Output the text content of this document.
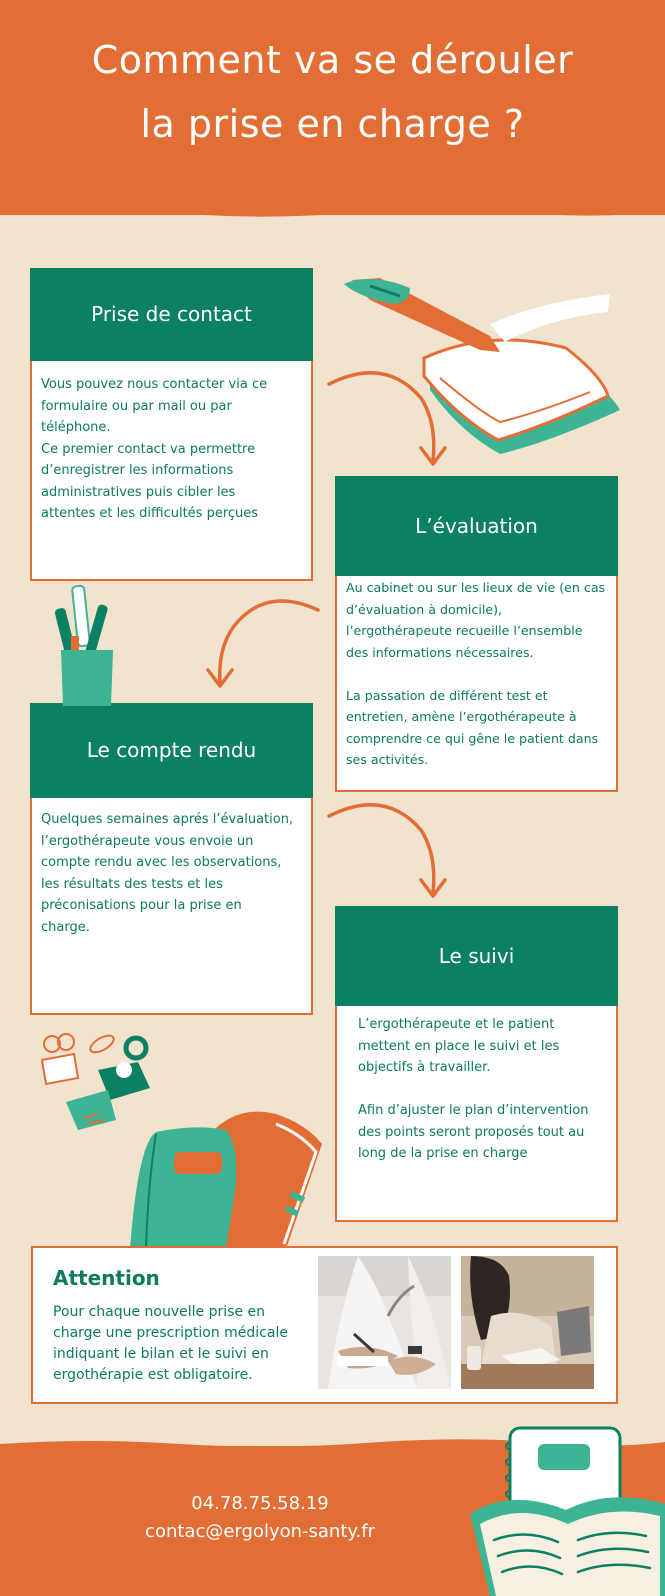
Comment va se dérouler
la prise en charge ?
Prise de contact
Vous pouvez nous contacter via ce
formulaire ou par mail ou par
téléphone.
Ce premier contact va permettre
d’enregistrer les informations
administratives puis cibler les
attentes et les difficultés perçues
L’évaluation
Au cabinet ou sur les lieux de vie (en cas
d’évaluation à domicile),
l’ergothérapeute recueille l’ensemble
des informations nécessaires.

La passation de différent test et
entretien, amène l’ergothérapeute à
comprendre ce qui gêne le patient dans
ses activités.
Le compte rendu
Quelques semaines aprés l’évaluation,
l’ergothérapeute vous envoie un
compte rendu avec les observations,
les résultats des tests et les
préconisations pour la prise en
charge.
Le suivi
L’ergothérapeute et le patient
mettent en place le suivi et les
objectifs à travailler.

Afin d’ajuster le plan d’intervention
des points seront proposés tout au
long de la prise en charge
Attention
Pour chaque nouvelle prise en
charge une prescription médicale
indiquant le bilan et le suivi en
ergothérapie est obligatoire.
04.78.75.58.19
contac@ergolyon-santy.fr
